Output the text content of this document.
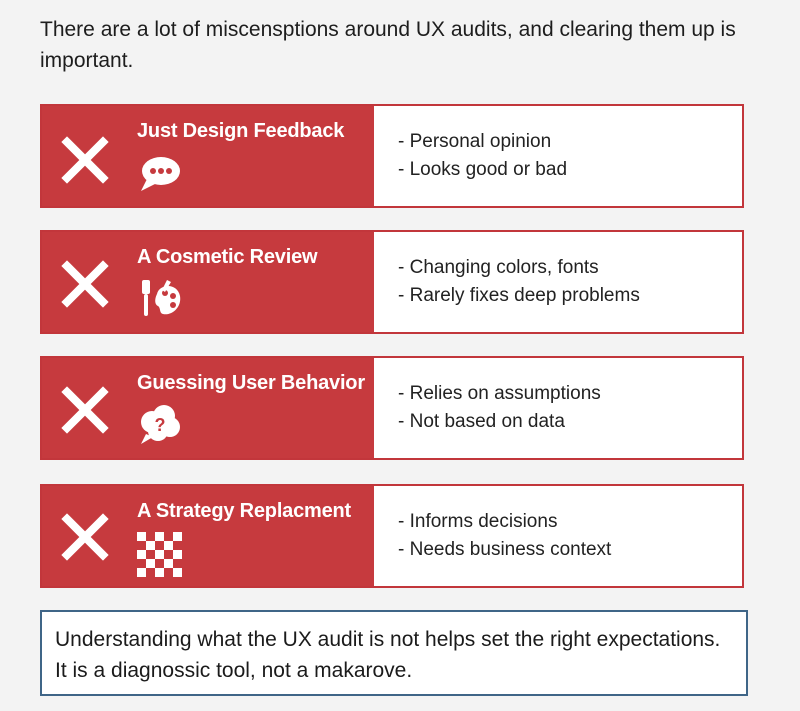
There are a lot of miscensptions around UX audits, and clearing them up is important.
Just Design Feedback	- Personal opinion
- Looks good or bad
A Cosmetic Review	- Changing colors, fonts
- Rarely fixes deep problems
Guessing User Behavior
?
- Relies on assumptions
- Not based on data
A Strategy Replacment - Informs decisions
- Needs business context
Understanding what the UX audit is not helps set the right expectations. It is a diagnossic tool, not a makarove.
